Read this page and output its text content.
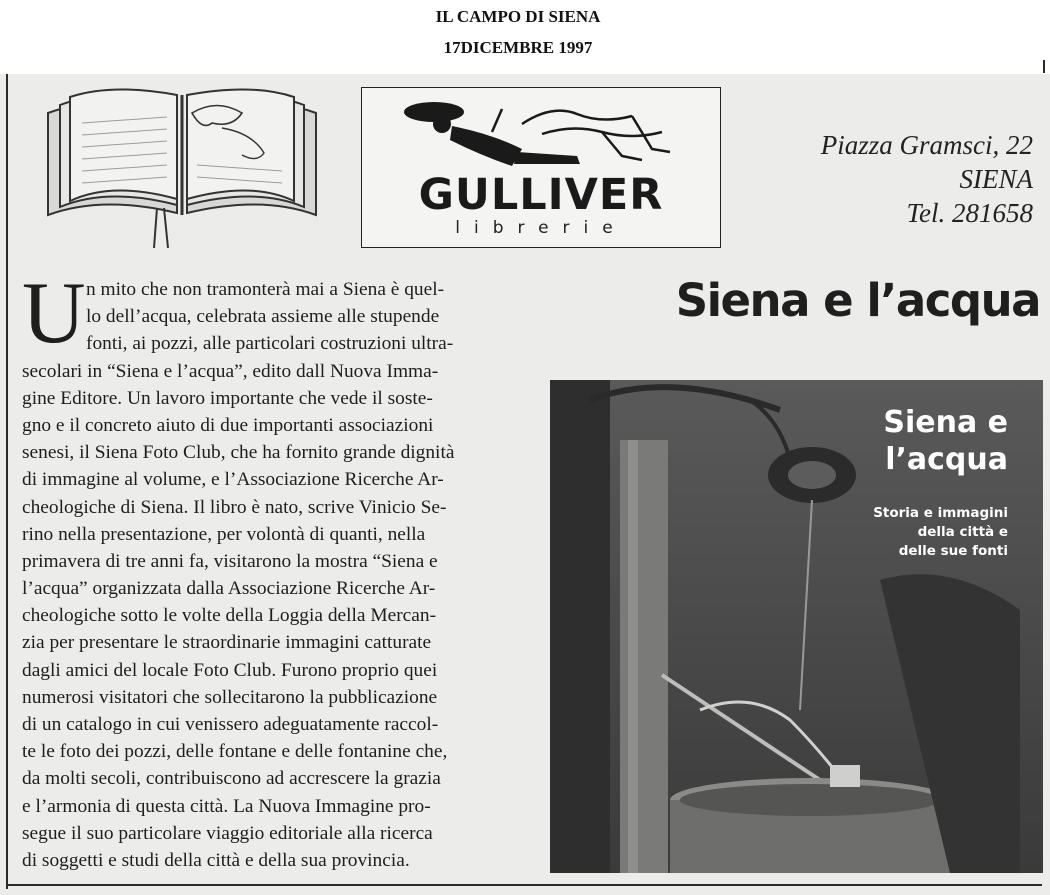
IL CAMPO DI SIENA
17DICEMBRE 1997
GULLIVER
librerie
Piazza Gramsci, 22
SIENA
Tel. 281658
U n mito che non tramonterà mai a Siena è quel-
lo dell’acqua, celebrata assieme alle stupende
fonti, ai pozzi, alle particolari costruzioni ultra-
secolari in “Siena e l’acqua”, edito dall Nuova Imma-
gine Editore. Un lavoro importante che vede il soste-
gno e il concreto aiuto di due importanti associazioni
senesi, il Siena Foto Club, che ha fornito grande dignità
di immagine al volume, e l’Associazione Ricerche Ar-
cheologiche di Siena. Il libro è nato, scrive Vinicio Se-
rino nella presentazione, per volontà di quanti, nella
primavera di tre anni fa, visitarono la mostra “Siena e
l’acqua” organizzata dalla Associazione Ricerche Ar-
cheologiche sotto le volte della Loggia della Mercan-
zia per presentare le straordinarie immagini catturate
dagli amici del locale Foto Club. Furono proprio quei
numerosi visitatori che sollecitarono la pubblicazione
di un catalogo in cui venissero adeguatamente raccol-
te le foto dei pozzi, delle fontane e delle fontanine che,
da molti secoli, contribuiscono ad accrescere la grazia
e l’armonia di questa città. La Nuova Immagine pro-
segue il suo particolare viaggio editoriale alla ricerca
di soggetti e studi della città e della sua provincia.
Siena e l’acqua
Siena e
l’acqua
Storia e immagini
della città e
delle sue fonti
